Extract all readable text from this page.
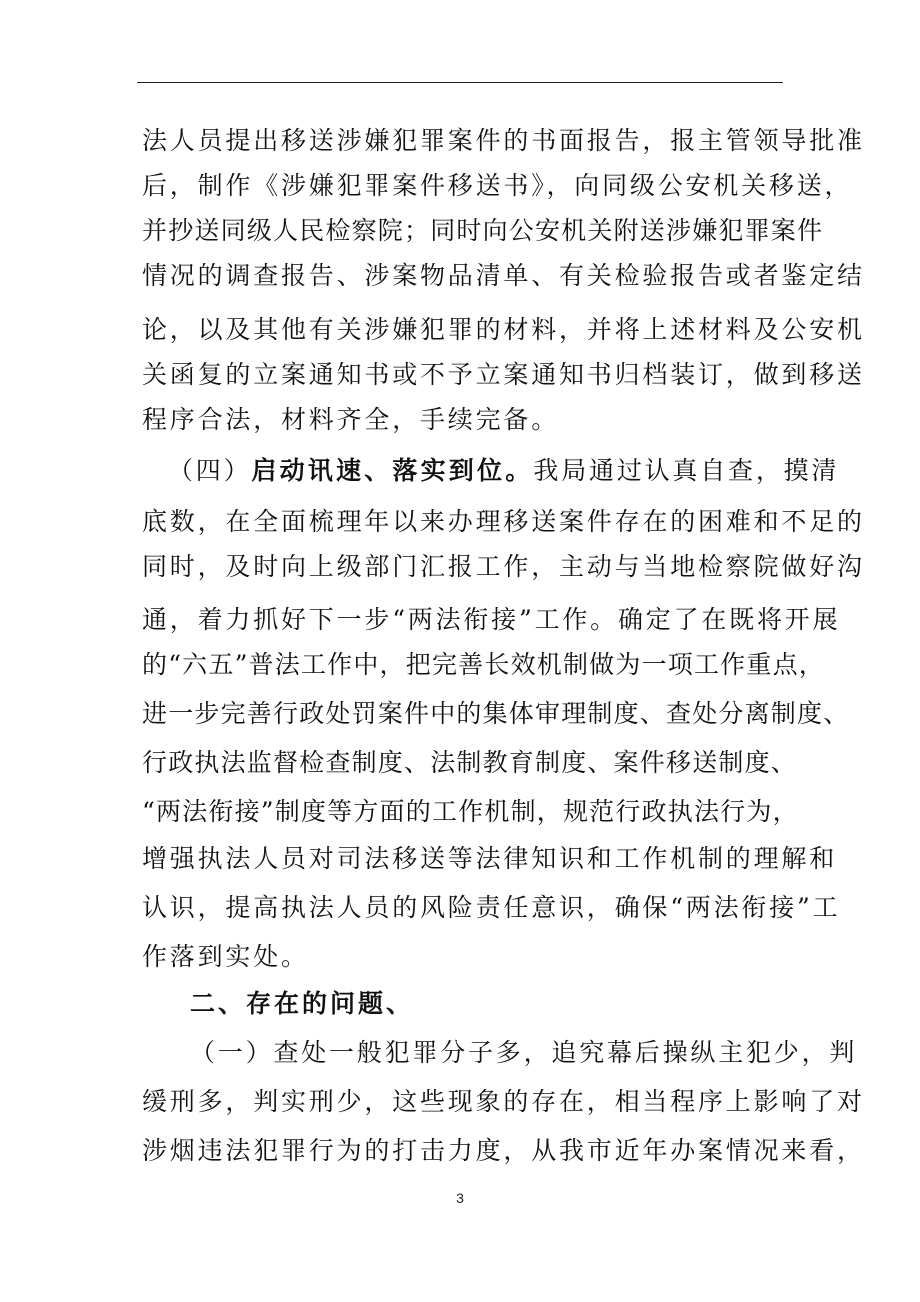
法人员提出移送涉嫌犯罪案件的书面报告，报主管领导批准
后，制作《涉嫌犯罪案件移送书》，向同级公安机关移送，
并抄送同级人民检察院；同时向公安机关附送涉嫌犯罪案件
情况的调查报告、涉案物品清单、有关检验报告或者鉴定结
论，以及其他有关涉嫌犯罪的材料，并将上述材料及公安机
关函复的立案通知书或不予立案通知书归档装订，做到移送
程序合法，材料齐全，手续完备。
（四）启动讯速、落实到位。我局通过认真自查，摸清
底数，在全面梳理年以来办理移送案件存在的困难和不足的
同时，及时向上级部门汇报工作，主动与当地检察院做好沟
通，着力抓好下一步“两法衔接”工作。确定了在既将开展
的“六五”普法工作中，把完善长效机制做为一项工作重点，
进一步完善行政处罚案件中的集体审理制度、查处分离制度、
行政执法监督检查制度、法制教育制度、案件移送制度、
“两法衔接”制度等方面的工作机制，规范行政执法行为，
增强执法人员对司法移送等法律知识和工作机制的理解和
认识，提高执法人员的风险责任意识，确保“两法衔接”工
作落到实处。
二、存在的问题、
（一）查处一般犯罪分子多，追究幕后操纵主犯少，判
缓刑多，判实刑少，这些现象的存在，相当程序上影响了对
涉烟违法犯罪行为的打击力度，从我市近年办案情况来看，
3
